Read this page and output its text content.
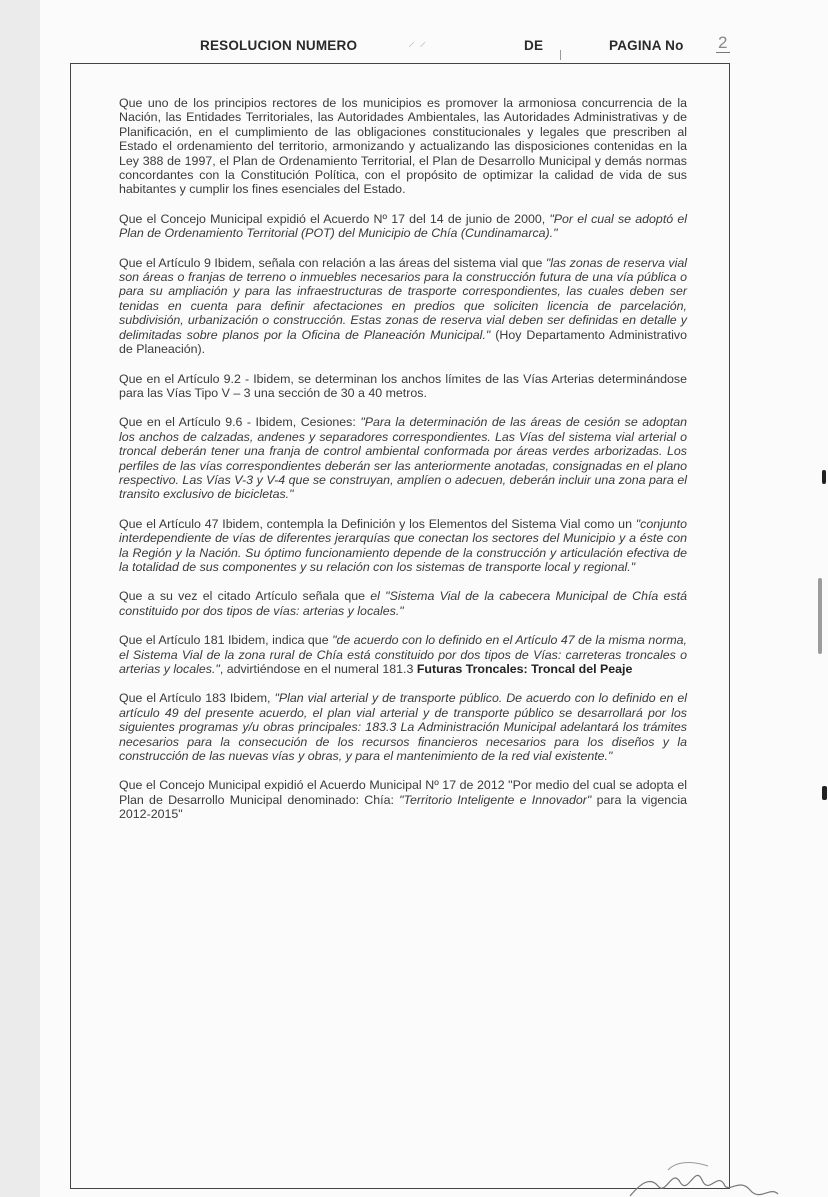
RESOLUCION NUMERO	⸝ ⸝	DE	PAGINA No 2

Que uno de los principios rectores de los municipios es promover la armoniosa concurrencia de la Nación, las Entidades Territoriales, las Autoridades Ambientales, las Autoridades Administrativas y de Planificación, en el cumplimiento de las obligaciones constitucionales y legales que prescriben al Estado el ordenamiento del territorio, armonizando y actualizando las disposiciones contenidas en la Ley 388 de 1997, el Plan de Ordenamiento Territorial, el Plan de Desarrollo Municipal y demás normas concordantes con la Constitución Política, con el propósito de optimizar la calidad de vida de sus habitantes y cumplir los fines esenciales del Estado.

Que el Concejo Municipal expidió el Acuerdo Nº 17 del 14 de junio de 2000, "Por el cual se adoptó el Plan de Ordenamiento Territorial (POT) del Municipio de Chía (Cundinamarca)."

Que el Artículo 9 Ibidem, señala con relación a las áreas del sistema vial que "las zonas de reserva vial son áreas o franjas de terreno o inmuebles necesarios para la construcción futura de una vía pública o para su ampliación y para las infraestructuras de trasporte correspondientes, las cuales deben ser tenidas en cuenta para definir afectaciones en predios que soliciten licencia de parcelación, subdivisión, urbanización o construcción. Estas zonas de reserva vial deben ser definidas en detalle y delimitadas sobre planos por la Oficina de Planeación Municipal." (Hoy Departamento Administrativo de Planeación).

Que en el Artículo 9.2 - Ibidem, se determinan los anchos límites de las Vías Arterias determinándose para las Vías Tipo V – 3 una sección de 30 a 40 metros.

Que en el Artículo 9.6 - Ibidem, Cesiones: "Para la determinación de las áreas de cesión se adoptan los anchos de calzadas, andenes y separadores correspondientes. Las Vías del sistema vial arterial o troncal deberán tener una franja de control ambiental conformada por áreas verdes arborizadas. Los perfiles de las vías correspondientes deberán ser las anteriormente anotadas, consignadas en el plano respectivo. Las Vías V-3 y V-4 que se construyan, amplíen o adecuen, deberán incluir una zona para el transito exclusivo de bicicletas."

Que el Artículo 47 Ibidem, contempla la Definición y los Elementos del Sistema Vial como un "conjunto interdependiente de vías de diferentes jerarquías que conectan los sectores del Municipio y a éste con la Región y la Nación. Su óptimo funcionamiento depende de la construcción y articulación efectiva de la totalidad de sus componentes y su relación con los sistemas de transporte local y regional."

Que a su vez el citado Artículo señala que el "Sistema Vial de la cabecera Municipal de Chía está constituido por dos tipos de vías: arterias y locales."

Que el Artículo 181 Ibidem, indica que "de acuerdo con lo definido en el Artículo 47 de la misma norma, el Sistema Vial de la zona rural de Chía está constituido por dos tipos de Vías: carreteras troncales o arterias y locales.", advirtiéndose en el numeral 181.3 Futuras Troncales: Troncal del Peaje

Que el Artículo 183 Ibidem, "Plan vial arterial y de transporte público. De acuerdo con lo definido en el artículo 49 del presente acuerdo, el plan vial arterial y de transporte público se desarrollará por los siguientes programas y/u obras principales: 183.3 La Administración Municipal adelantará los trámites necesarios para la consecución de los recursos financieros necesarios para los diseños y la construcción de las nuevas vías y obras, y para el mantenimiento de la red vial existente."

Que el Concejo Municipal expidió el Acuerdo Municipal Nº 17 de 2012 "Por medio del cual se adopta el Plan de Desarrollo Municipal denominado: Chía: "Territorio Inteligente e Innovador" para la vigencia 2012-2015"
